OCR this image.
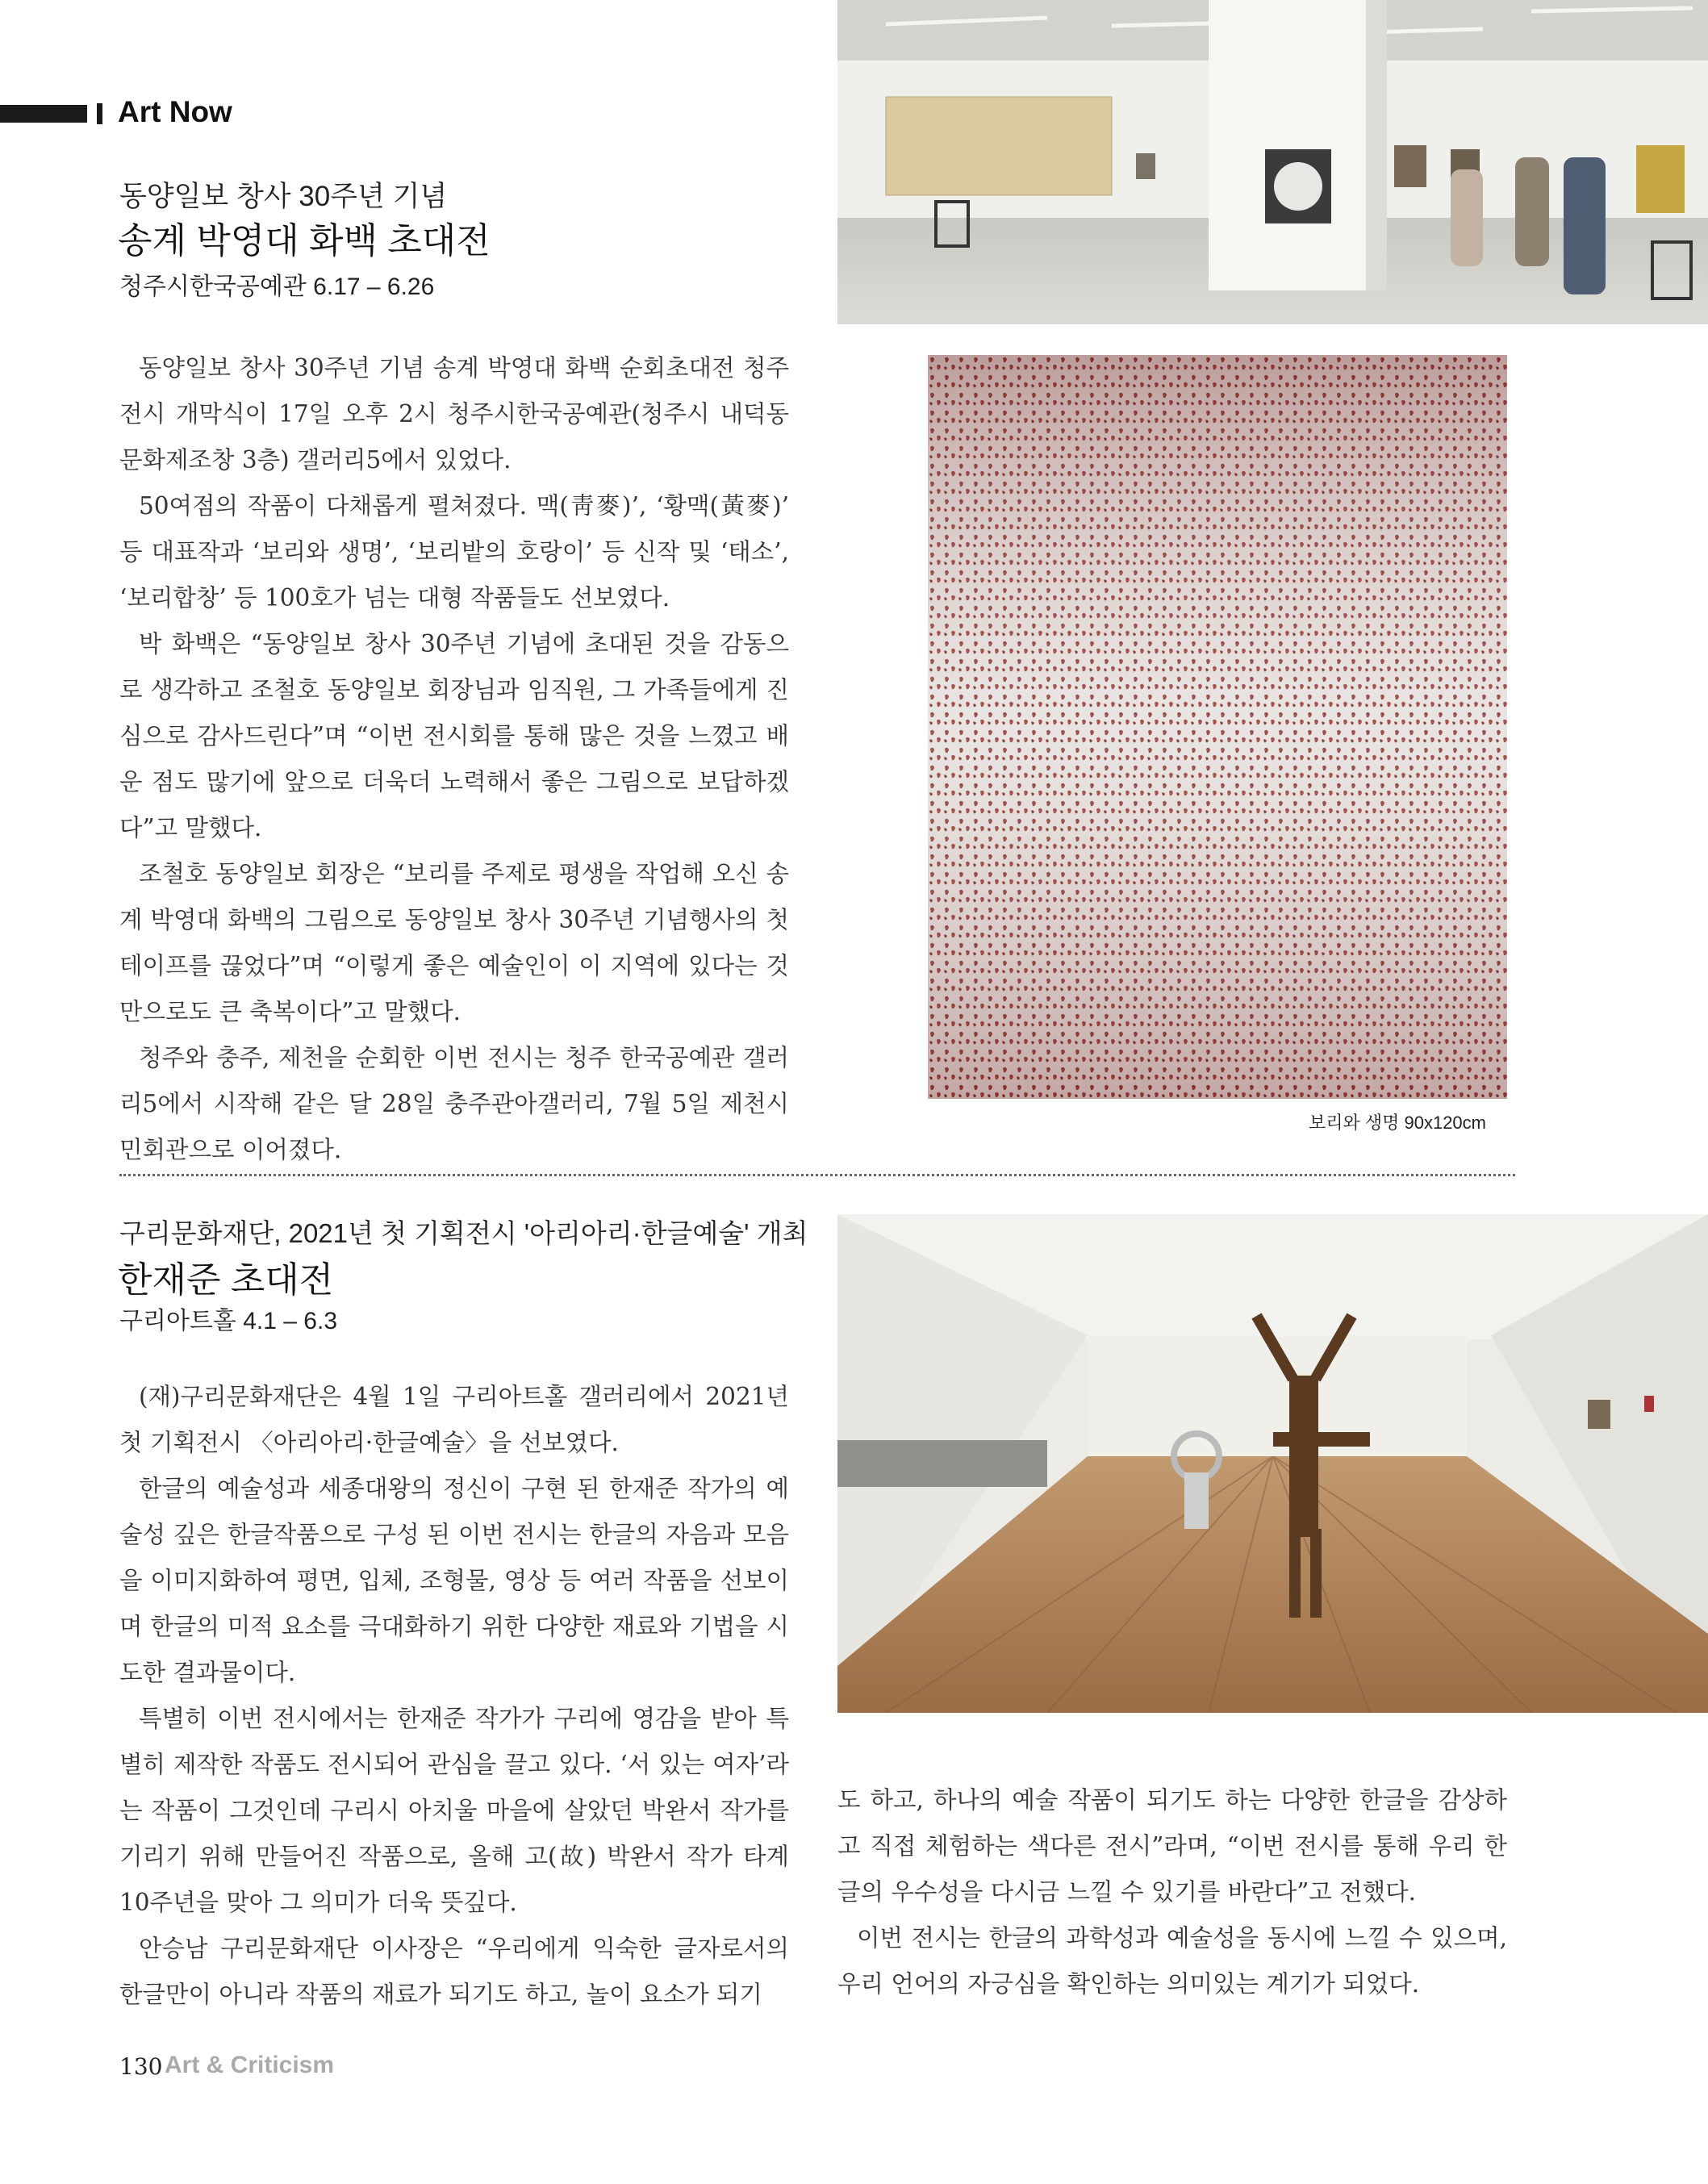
Art Now
동양일보 창사 30주년 기념
송계 박영대 화백 초대전
청주시한국공예관 6.17 – 6.26

동양일보 창사 30주년 기념 송계 박영대 화백 순회초대전 청주 전시 개막식이 17일 오후 2시 청주시한국공예관(청주시 내덕동 문화제조창 3층) 갤러리5에서 있었다.

50여점의 작품이 다채롭게 펼쳐졌다. 맥(靑麥)’, ‘황맥(黃麥)’ 등 대표작과 ‘보리와 생명’, ‘보리밭의 호랑이’ 등 신작 및 ‘태소’, ‘보리합창’ 등 100호가 넘는 대형 작품들도 선보였다.

박 화백은 “동양일보 창사 30주년 기념에 초대된 것을 감동으로 생각하고 조철호 동양일보 회장님과 임직원, 그 가족들에게 진심으로 감사드린다”며 “이번 전시회를 통해 많은 것을 느꼈고 배운 점도 많기에 앞으로 더욱더 노력해서 좋은 그림으로 보답하겠다”고 말했다.

조철호 동양일보 회장은 “보리를 주제로 평생을 작업해 오신 송계 박영대 화백의 그림으로 동양일보 창사 30주년 기념행사의 첫 테이프를 끊었다”며 “이렇게 좋은 예술인이 이 지역에 있다는 것만으로도 큰 축복이다”고 말했다.

청주와 충주, 제천을 순회한 이번 전시는 청주 한국공예관 갤러리5에서 시작해 같은 달 28일 충주관아갤러리, 7월 5일 제천시민회관으로 이어졌다.

보리와 생명 90x120cm
구리문화재단, 2021년 첫 기획전시 '아리아리·한글예술' 개최
한재준 초대전
구리아트홀 4.1 – 6.3

(재)구리문화재단은 4월 1일 구리아트홀 갤러리에서 2021년 첫 기획전시 〈아리아리·한글예술〉을 선보였다.

한글의 예술성과 세종대왕의 정신이 구현 된 한재준 작가의 예술성 깊은 한글작품으로 구성 된 이번 전시는 한글의 자음과 모음을 이미지화하여 평면, 입체, 조형물, 영상 등 여러 작품을 선보이며 한글의 미적 요소를 극대화하기 위한 다양한 재료와 기법을 시도한 결과물이다.

특별히 이번 전시에서는 한재준 작가가 구리에 영감을 받아 특별히 제작한 작품도 전시되어 관심을 끌고 있다. ‘서 있는 여자’라는 작품이 그것인데 구리시 아치울 마을에 살았던 박완서 작가를 기리기 위해 만들어진 작품으로, 올해 고(故) 박완서 작가 타계 10주년을 맞아 그 의미가 더욱 뜻깊다.

안승남 구리문화재단 이사장은 “우리에게 익숙한 글자로서의 한글만이 아니라 작품의 재료가 되기도 하고, 놀이 요소가 되기

도 하고, 하나의 예술 작품이 되기도 하는 다양한 한글을 감상하고 직접 체험하는 색다른 전시”라며, “이번 전시를 통해 우리 한글의 우수성을 다시금 느낄 수 있기를 바란다”고 전했다.

이번 전시는 한글의 과학성과 예술성을 동시에 느낄 수 있으며, 우리 언어의 자긍심을 확인하는 의미있는 계기가 되었다.

130 Art & Criticism
